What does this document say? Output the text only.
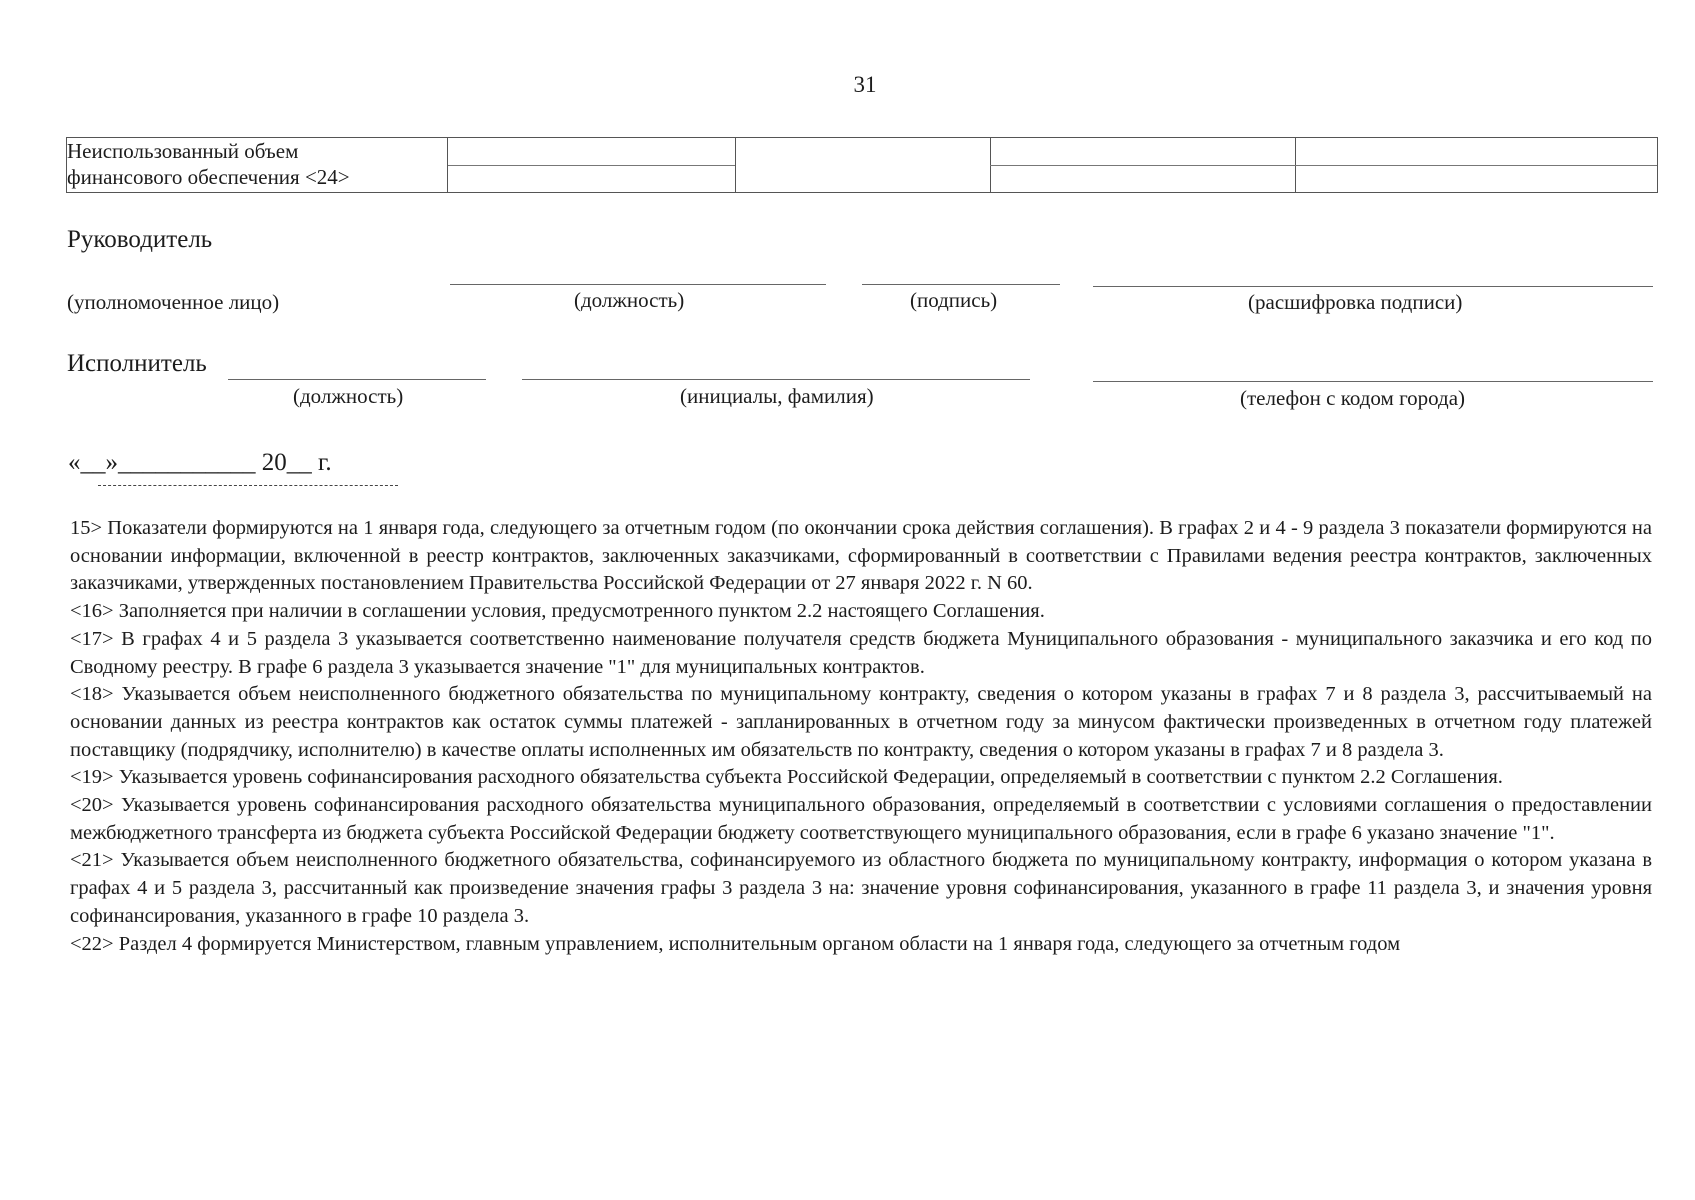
31
Неиспользованный объем
финансового обеспечения <24>
Руководитель
(уполномоченное лицо)	(должность)	(подпись)	(расшифровка подписи)
Исполнитель
(должность)	(инициалы, фамилия)	(телефон с кодом города)
«__»___________ 20__ г.

15> Показатели формируются на 1 января года, следующего за отчетным годом (по окончании срока действия соглашения). В графах 2 и 4 - 9 раздела 3 показатели формируются на основании информации, включенной в реестр контрактов, заключенных заказчиками, сформированный в соответствии с Правилами ведения реестра контрактов, заключенных заказчиками, утвержденных постановлением Правительства Российской Федерации от 27 января 2022 г. N 60.

<16> Заполняется при наличии в соглашении условия, предусмотренного пунктом 2.2 настоящего Соглашения.

<17> В графах 4 и 5 раздела 3 указывается соответственно наименование получателя средств бюджета Муниципального образования - муниципального заказчика и его код по Сводному реестру. В графе 6 раздела 3 указывается значение "1" для муниципальных контрактов.

<18> Указывается объем неисполненного бюджетного обязательства по муниципальному контракту, сведения о котором указаны в графах 7 и 8 раздела 3, рассчитываемый на основании данных из реестра контрактов как остаток суммы платежей - запланированных в отчетном году за минусом фактически произведенных в отчетном году платежей поставщику (подрядчику, исполнителю) в качестве оплаты исполненных им обязательств по контракту, сведения о котором указаны в графах 7 и 8 раздела 3.

<19> Указывается уровень софинансирования расходного обязательства субъекта Российской Федерации, определяемый в соответствии с пунктом 2.2 Соглашения.

<20> Указывается уровень софинансирования расходного обязательства муниципального образования, определяемый в соответствии с условиями соглашения о предоставлении межбюджетного трансферта из бюджета субъекта Российской Федерации бюджету соответствующего муниципального образования, если в графе 6 указано значение "1".

<21> Указывается объем неисполненного бюджетного обязательства, софинансируемого из областного бюджета по муниципальному контракту, информация о котором указана в графах 4 и 5 раздела 3, рассчитанный как произведение значения графы 3 раздела 3 на: значение уровня софинансирования, указанного в графе 11 раздела 3, и значения уровня софинансирования, указанного в графе 10 раздела 3.

<22> Раздел 4 формируется Министерством, главным управлением, исполнительным органом области на 1 января года, следующего за отчетным годом
